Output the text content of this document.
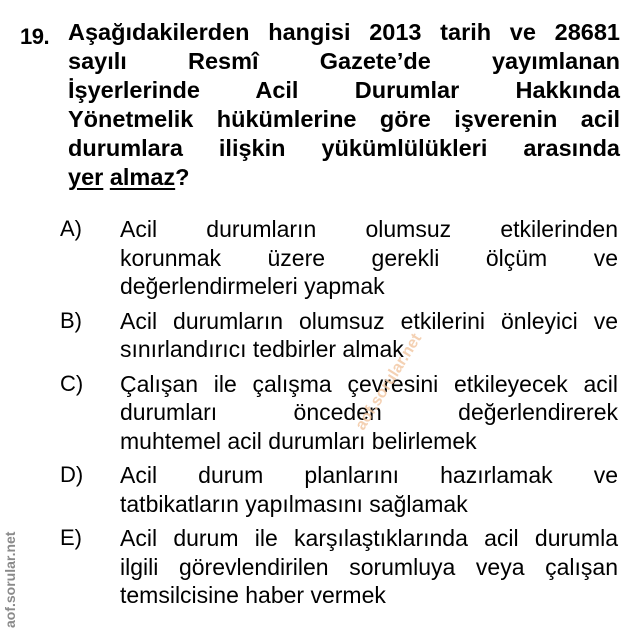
19. Aşağıdakilerden hangisi 2013 tarih ve 28681
sayılı Resmî Gazete’de yayımlanan
İşyerlerinde Acil Durumlar Hakkında
Yönetmelik hükümlerine göre işverenin acil
durumlara ilişkin yükümlülükleri arasında
yer almaz?
A) Acil durumların olumsuz etkilerinden
korunmak üzere gerekli ölçüm ve
değerlendirmeleri yapmak
B) Acil durumların olumsuz etkilerini önleyici ve
sınırlandırıcı tedbirler almak
C) Çalışan ile çalışma çevresini etkileyecek acil
durumları önceden değerlendirerek
muhtemel acil durumları belirlemek
D) Acil durum planlarını hazırlamak ve
tatbikatların yapılmasını sağlamak
E) Acil durum ile karşılaştıklarında acil durumla
ilgili görevlendirilen sorumluya veya çalışan
temsilcisine haber vermek
aof.sorular.net
aof.sorular.net
